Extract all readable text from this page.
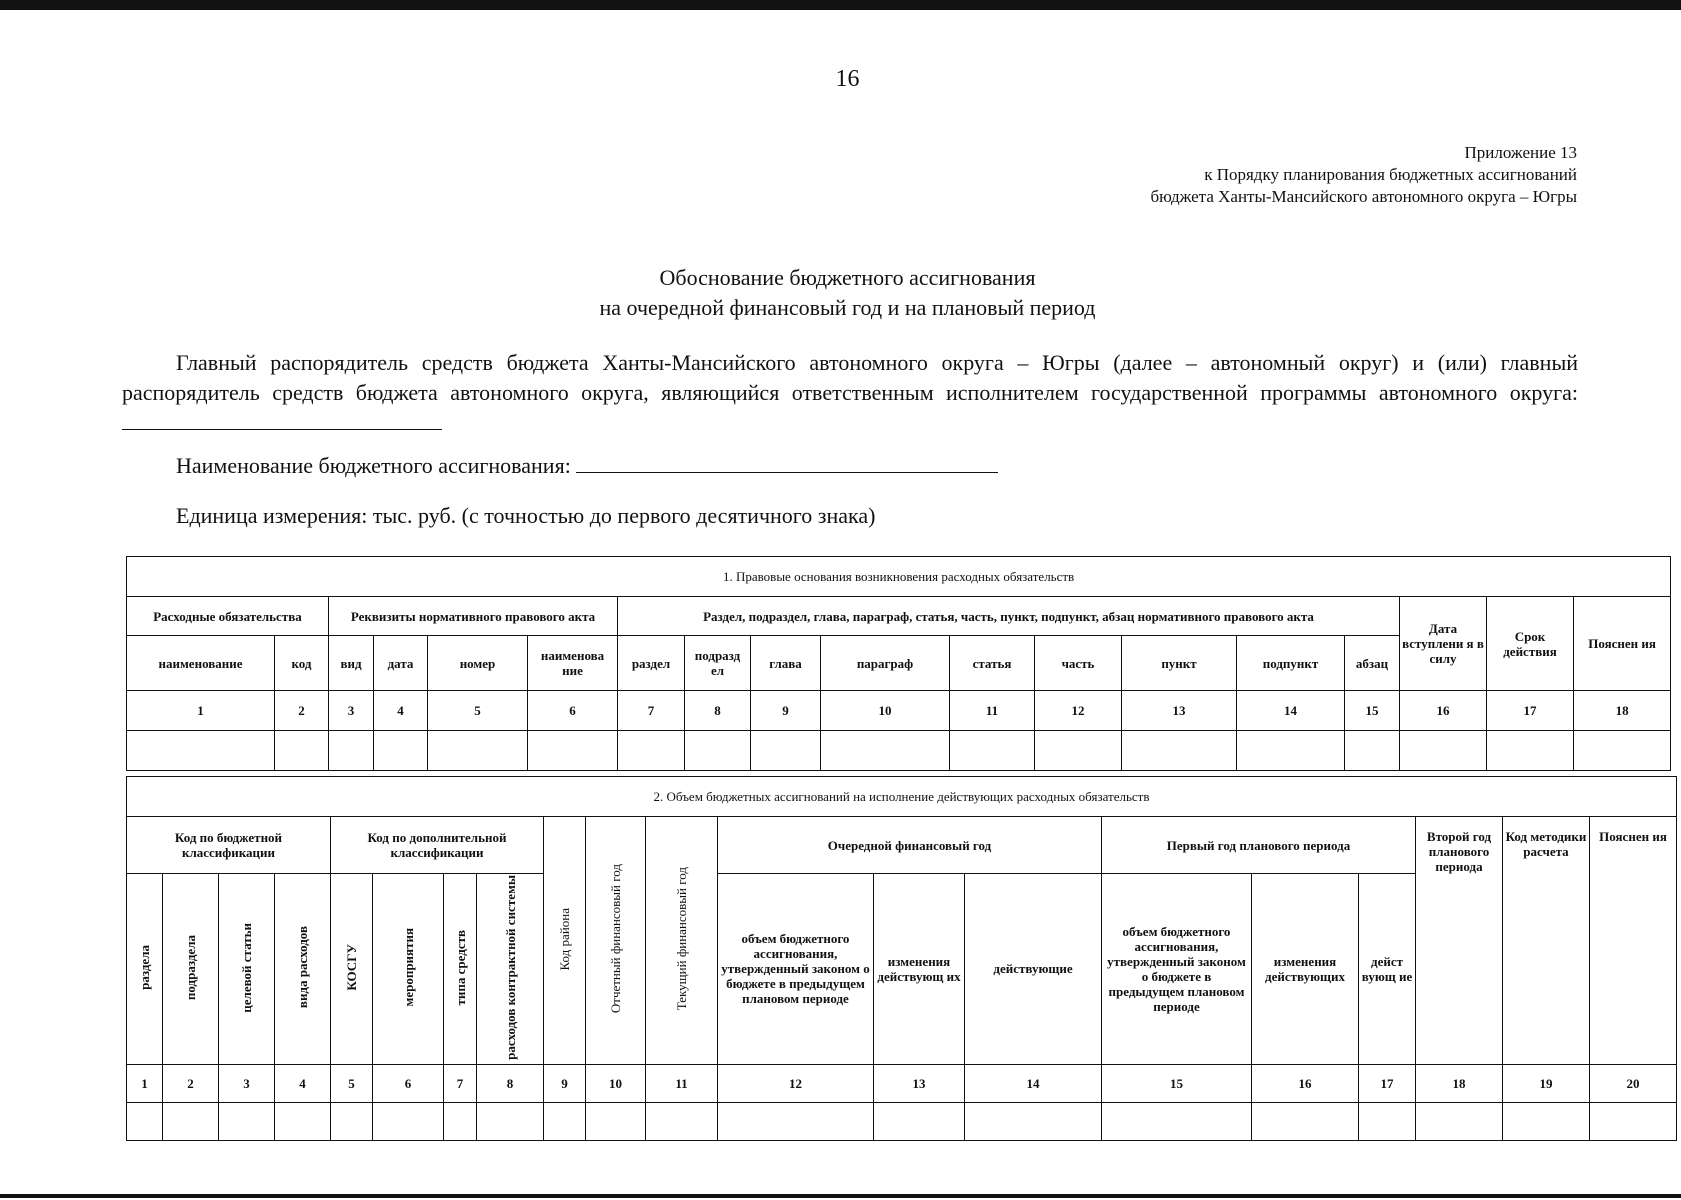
16
Приложение 13
к Порядку планирования бюджетных ассигнований
бюджета Ханты-Мансийского автономного округа – Югры
Обоснование бюджетного ассигнования
на очередной финансовый год и на плановый период
Главный распорядитель средств бюджета Ханты-Мансийского автономного округа – Югры (далее – автономный округ) и (или) главный распорядитель средств бюджета автономного округа, являющийся ответственным исполнителем государственной программы автономного округа:
Наименование бюджетного ассигнования:
Единица измерения: тыс. руб. (с точностью до первого десятичного знака)
1. Правовые основания возникновения расходных обязательств																	
Расходные обязательства		Реквизиты нормативного правового акта				Раздел, подраздел, глава, параграф, статья, часть, пункт, подпункт, абзац нормативного правового акта									Дата вступлени я в силу	Срок действия	Пояснен ия
наименование	код	вид	дата	номер	наименова ние	раздел	подразд ел	глава	параграф	статья	часть	пункт	подпункт	абзац			
1	2	3	4	5	6	7	8	9	10	11	12	13	14	15	16	17	18

2. Объем бюджетных ассигнований на исполнение действующих расходных обязательств																			
Код по бюджетной классификации				Код по дополнительной классификации				Код района	Отчетный финансовый год	Текущий финансовый год	Очередной финансовый год			Первый год планового периода			Второй год планового периода	Код методики расчета	Пояснен ия
раздела	подраздела	целевой статьи	вида расходов	КОСГУ	мероприятия	типа средств	расходов контрактной системы				объем бюджетного ассигнования, утвержденный законом о бюджете в предыдущем плановом периоде	изменения действующ их	действующие	объем бюджетного ассигнования, утвержденный законом о бюджете в предыдущем плановом периоде	изменения действующих	дейст вующ ие			
1	2	3	4	5	6	7	8	9	10	11	12	13	14	15	16	17	18	19	20
